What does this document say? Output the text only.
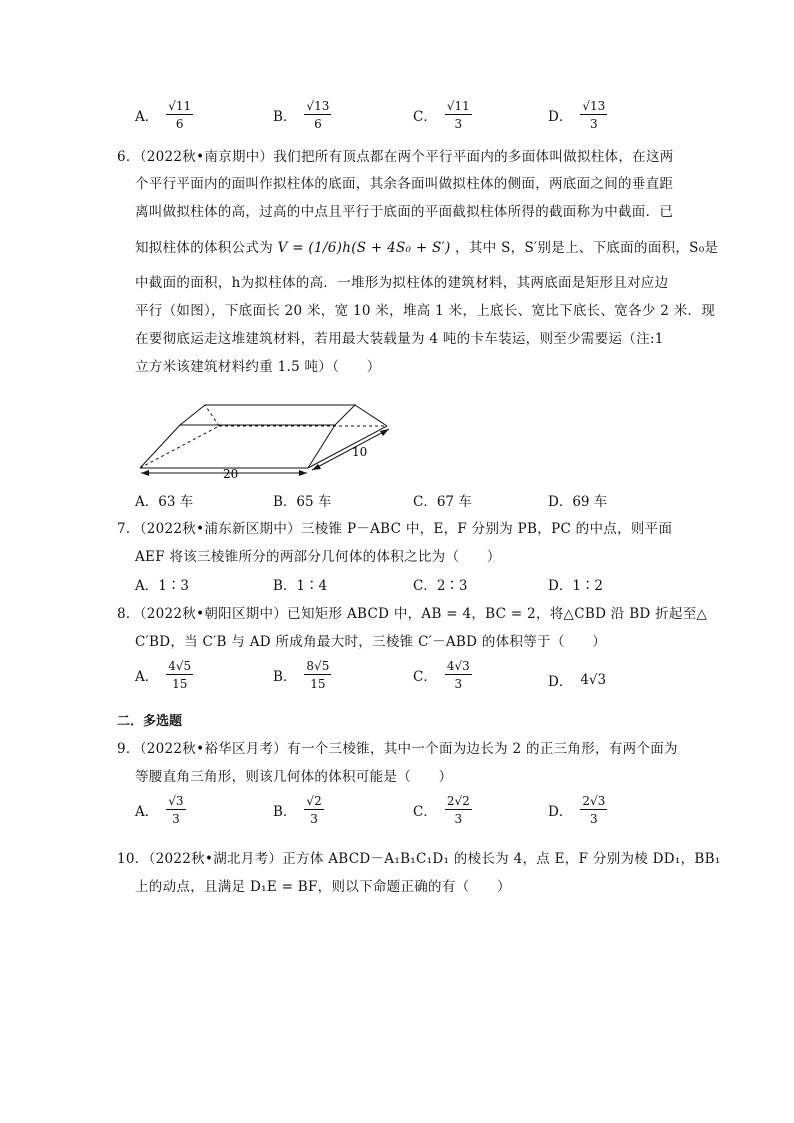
A． $\frac{√11}{6}$	B． $\frac{√13}{6}$	C． $\frac{√11}{3}$	D． $\frac{√13}{3}$
6．（2022秋•南京期中）我们把所有顶点都在两个平行平面内的多面体叫做拟柱体，在这两
个平行平面内的面叫作拟柱体的底面，其余各面叫做拟柱体的侧面，两底面之间的垂直距
离叫做拟柱体的高，过高的中点且平行于底面的平面截拟柱体所得的截面称为中截面．已
知拟柱体的体积公式为 V = (1/6)h(S + 4S₀ + S′) ，其中 S，S′别是上、下底面的面积，S₀是
中截面的面积，h为拟柱体的高．一堆形为拟柱体的建筑材料，其两底面是矩形且对应边
平行（如图），下底面长 20 米，宽 10 米，堆高 1 米，上底长、宽比下底长、宽各少 2 米．现
在要彻底运走这堆建筑材料，若用最大装载量为 4 吨的卡车装运，则至少需要运（注:1
立方米该建筑材料约重 1.5 吨）（　　）
20
10
A．63 车	B．65 车	C．67 车	D．69 车
7．（2022秋•浦东新区期中）三棱锥 P－ABC 中，E，F 分别为 PB，PC 的中点，则平面
AEF 将该三棱锥所分的两部分几何体的体积之比为（　　）
A．1∶3	B．1∶4	C．2∶3	D．1∶2
8．（2022秋•朝阳区期中）已知矩形 ABCD 中，AB = 4，BC = 2，将△CBD 沿 BD 折起至△
C′BD，当 C′B 与 AD 所成角最大时，三棱锥 C′－ABD 的体积等于（　　）
A． $\frac{4√5}{15}$	B． $\frac{8√5}{15}$	C． $\frac{4√3}{3}$	D． 4√3
二．多选题
9．（2022秋•裕华区月考）有一个三棱锥，其中一个面为边长为 2 的正三角形，有两个面为
等腰直角三角形，则该几何体的体积可能是（　　）
A． $\frac{√3}{3}$	B． $\frac{√2}{3}$	C． $\frac{2√2}{3}$	D． $\frac{2√3}{3}$
10．（2022秋•湖北月考）正方体 ABCD－A₁B₁C₁D₁ 的棱长为 4，点 E，F 分别为棱 DD₁，BB₁
上的动点，且满足 D₁E = BF，则以下命题正确的有（　　）
